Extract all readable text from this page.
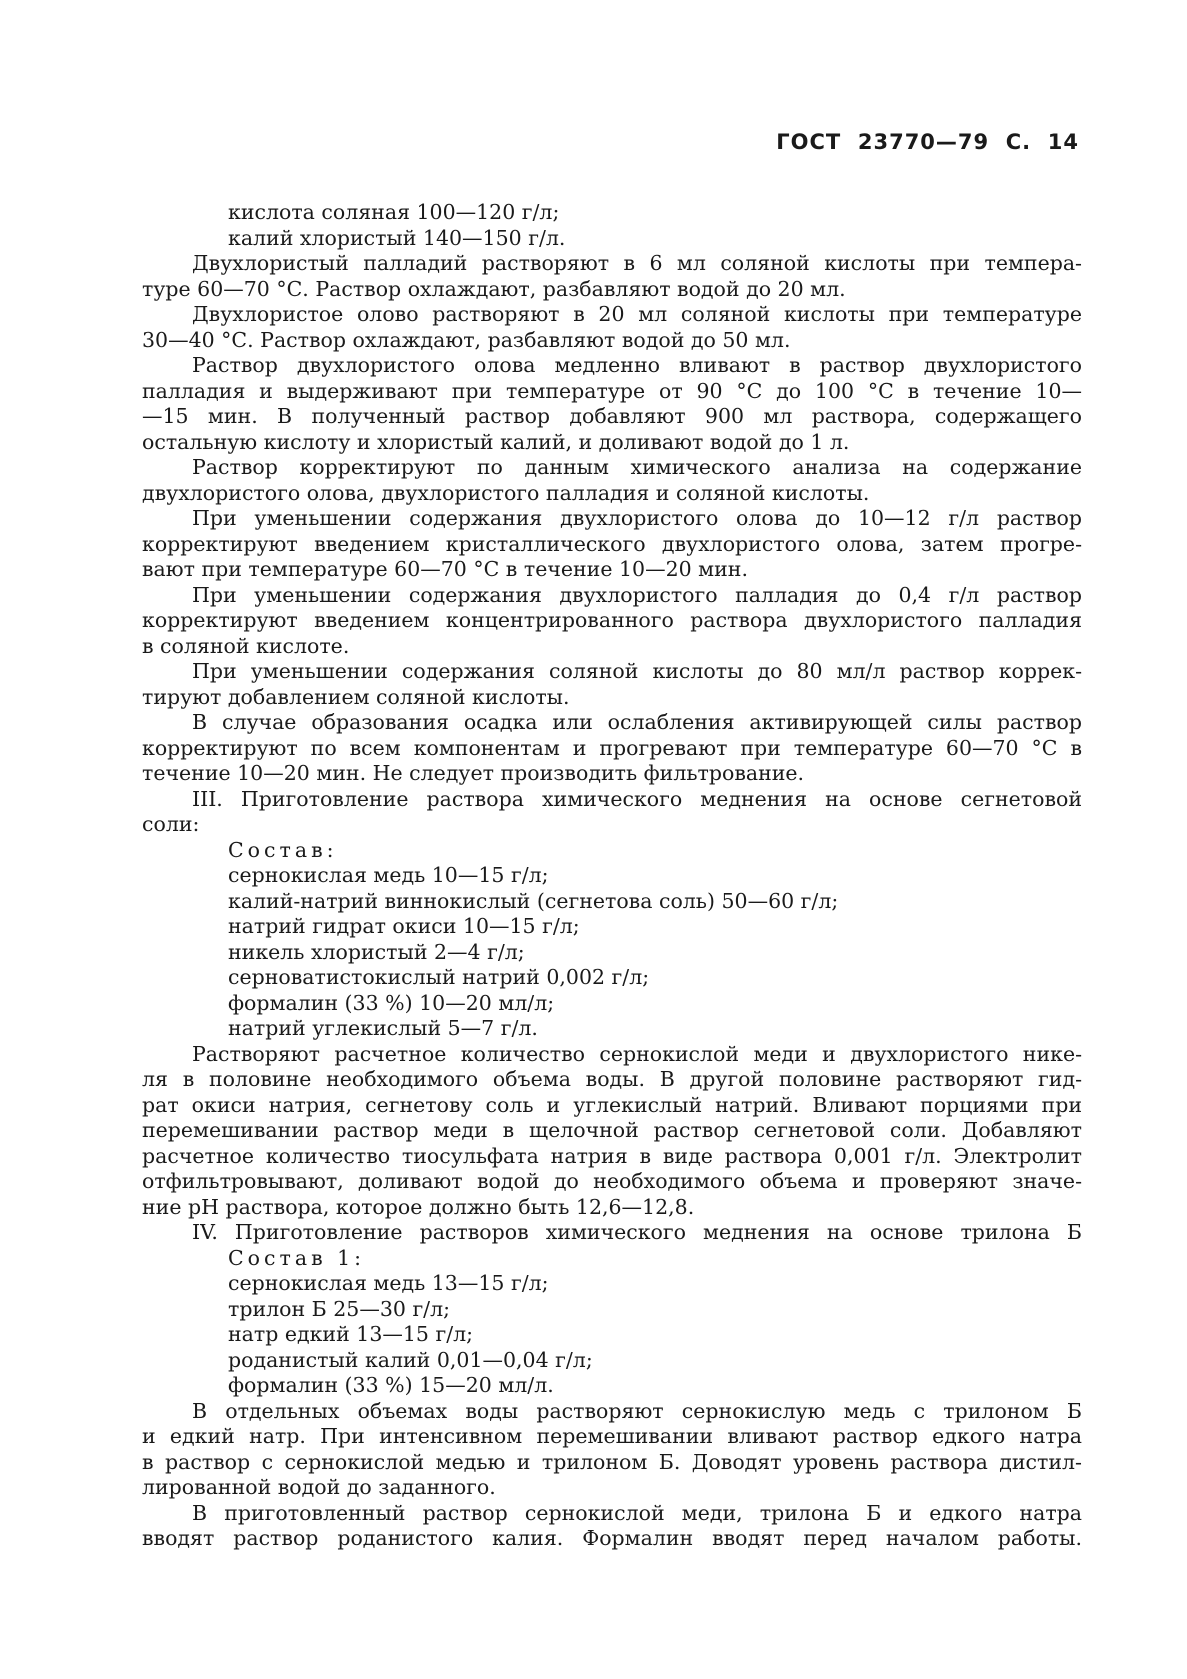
ГОСТ  23770—79  С.  14
кислота соляная 100—120 г/л;
калий хлористый 140—150 г/л.
Двухлористый палладий растворяют в 6 мл соляной кислоты при темпера-
туре 60—70 °С. Раствор охлаждают, разбавляют водой до 20 мл.
Двухлористое олово растворяют в 20 мл соляной кислоты при температуре
30—40 °С. Раствор охлаждают, разбавляют водой до 50 мл.
Раствор двухлористого олова медленно вливают в раствор двухлористого
палладия и выдерживают при температуре от 90 °С до 100 °С в течение 10—
—15 мин. В полученный раствор добавляют 900 мл раствора, содержащего
остальную кислоту и хлористый калий, и доливают водой до 1 л.
Раствор корректируют по данным химического анализа на содержание
двухлористого олова, двухлористого палладия и соляной кислоты.
При уменьшении содержания двухлористого олова до 10—12 г/л раствор
корректируют введением кристаллического двухлористого олова, затем прогре-
вают при температуре 60—70 °С в течение 10—20 мин.
При уменьшении содержания двухлористого палладия до 0,4 г/л раствор
корректируют введением концентрированного раствора двухлористого палладия
в соляной кислоте.
При уменьшении содержания соляной кислоты до 80 мл/л раствор коррек-
тируют добавлением соляной кислоты.
В случае образования осадка или ослабления активирующей силы раствор
корректируют по всем компонентам и прогревают при температуре 60—70 °С в
течение 10—20 мин. Не следует производить фильтрование.
III. Приготовление раствора химического меднения на основе сегнетовой
соли:
Состав:
сернокислая медь 10—15 г/л;
калий-натрий виннокислый (сегнетова соль) 50—60 г/л;
натрий гидрат окиси 10—15 г/л;
никель хлористый 2—4 г/л;
серноватистокислый натрий 0,002 г/л;
формалин (33 %) 10—20 мл/л;
натрий углекислый 5—7 г/л.
Растворяют расчетное количество сернокислой меди и двухлористого нике-
ля в половине необходимого объема воды. В другой половине растворяют гид-
рат окиси натрия, сегнетову соль и углекислый натрий. Вливают порциями при
перемешивании раствор меди в щелочной раствор сегнетовой соли. Добавляют
расчетное количество тиосульфата натрия в виде раствора 0,001 г/л. Электролит
отфильтровывают, доливают водой до необходимого объема и проверяют значе-
ние pH раствора, которое должно быть 12,6—12,8.
IV. Приготовление растворов химического меднения на основе трилона Б
Состав 1:
сернокислая медь 13—15 г/л;
трилон Б 25—30 г/л;
натр едкий 13—15 г/л;
роданистый калий 0,01—0,04 г/л;
формалин (33 %) 15—20 мл/л.
В отдельных объемах воды растворяют сернокислую медь с трилоном Б
и едкий натр. При интенсивном перемешивании вливают раствор едкого натра
в раствор с сернокислой медью и трилоном Б. Доводят уровень раствора дистил-
лированной водой до заданного.
В приготовленный раствор сернокислой меди, трилона Б и едкого натра
вводят раствор роданистого калия. Формалин вводят перед началом работы.
